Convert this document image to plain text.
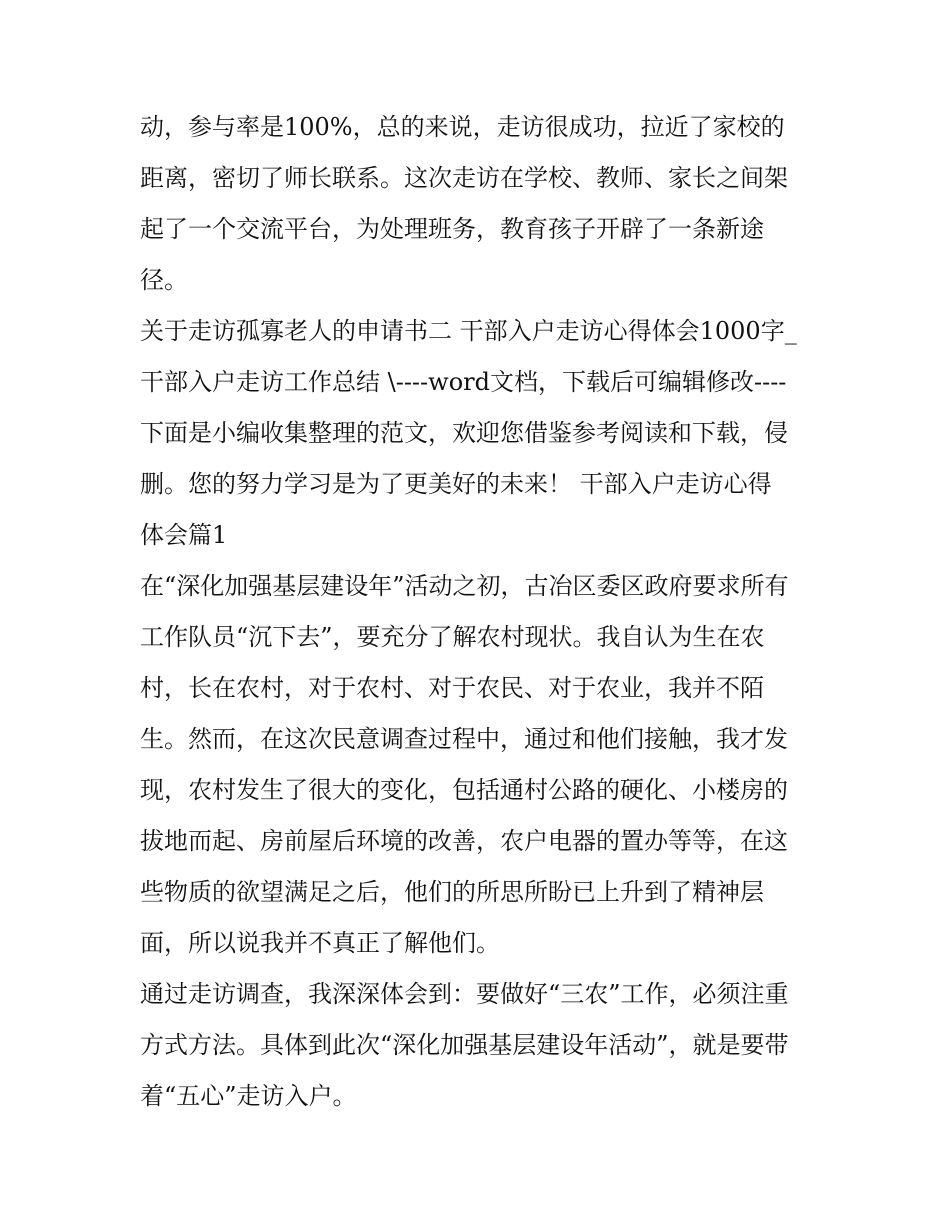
动，参与率是100%，总的来说，走访很成功，拉近了家校的
距离，密切了师长联系。这次走访在学校、教师、家长之间架
起了一个交流平台，为处理班务，教育孩子开辟了一条新途
径。
关于走访孤寡老人的申请书二 干部入户走访心得体会1000字_
干部入户走访工作总结 \----word文档，下载后可编辑修改----
下面是小编收集整理的范文，欢迎您借鉴参考阅读和下载，侵
删。您的努力学习是为了更美好的未来！ 干部入户走访心得
体会篇1
在“深化加强基层建设年”活动之初，古冶区委区政府要求所有
工作队员“沉下去”，要充分了解农村现状。我自认为生在农
村，长在农村，对于农村、对于农民、对于农业，我并不陌
生。然而，在这次民意调查过程中，通过和他们接触，我才发
现，农村发生了很大的变化，包括通村公路的硬化、小楼房的
拔地而起、房前屋后环境的改善，农户电器的置办等等，在这
些物质的欲望满足之后，他们的所思所盼已上升到了精神层
面，所以说我并不真正了解他们。
通过走访调查，我深深体会到：要做好“三农”工作，必须注重
方式方法。具体到此次“深化加强基层建设年活动”，就是要带
着“五心”走访入户。
